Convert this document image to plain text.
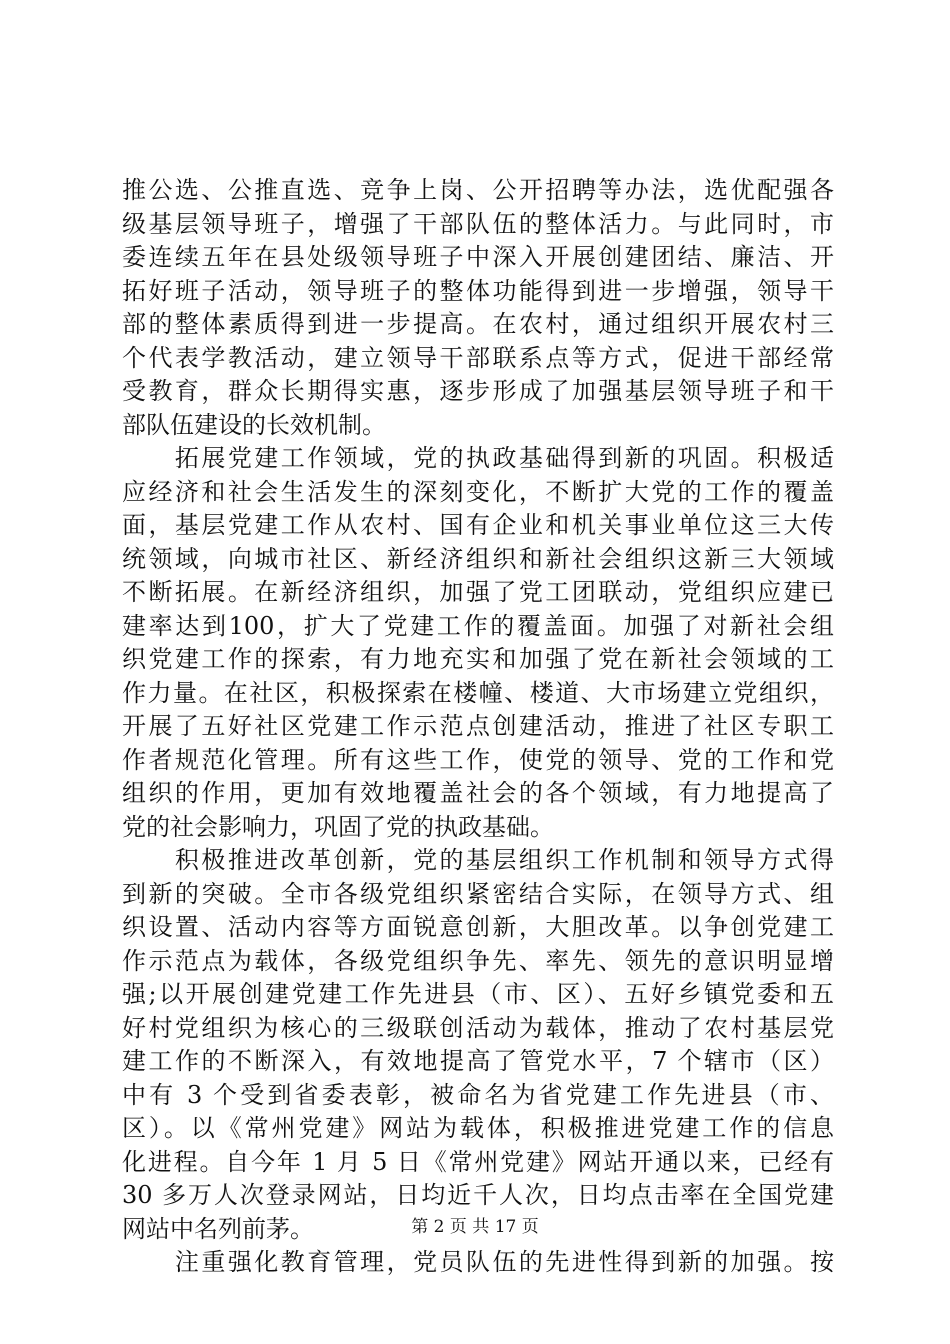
推公选、公推直选、竞争上岗、公开招聘等办法，选优配强各
级基层领导班子，增强了干部队伍的整体活力。与此同时，市
委连续五年在县处级领导班子中深入开展创建团结、廉洁、开
拓好班子活动，领导班子的整体功能得到进一步增强，领导干
部的整体素质得到进一步提高。在农村，通过组织开展农村三
个代表学教活动，建立领导干部联系点等方式，促进干部经常
受教育，群众长期得实惠，逐步形成了加强基层领导班子和干
部队伍建设的长效机制。
　　拓展党建工作领域，党的执政基础得到新的巩固。积极适
应经济和社会生活发生的深刻变化，不断扩大党的工作的覆盖
面，基层党建工作从农村、国有企业和机关事业单位这三大传
统领域，向城市社区、新经济组织和新社会组织这新三大领域
不断拓展。在新经济组织，加强了党工团联动，党组织应建已
建率达到100，扩大了党建工作的覆盖面。加强了对新社会组
织党建工作的探索，有力地充实和加强了党在新社会领域的工
作力量。在社区，积极探索在楼幢、楼道、大市场建立党组织，
开展了五好社区党建工作示范点创建活动，推进了社区专职工
作者规范化管理。所有这些工作，使党的领导、党的工作和党
组织的作用，更加有效地覆盖社会的各个领域，有力地提高了
党的社会影响力，巩固了党的执政基础。
　　积极推进改革创新，党的基层组织工作机制和领导方式得
到新的突破。全市各级党组织紧密结合实际，在领导方式、组
织设置、活动内容等方面锐意创新，大胆改革。以争创党建工
作示范点为载体，各级党组织争先、率先、领先的意识明显增
强;以开展创建党建工作先进县（市、区）、五好乡镇党委和五
好村党组织为核心的三级联创活动为载体，推动了农村基层党
建工作的不断深入，有效地提高了管党水平，7 个辖市（区）
中有 3 个受到省委表彰，被命名为省党建工作先进县（市、
区）。以《常州党建》网站为载体，积极推进党建工作的信息
化进程。自今年 1 月 5 日《常州党建》网站开通以来，已经有
30 多万人次登录网站，日均近千人次，日均点击率在全国党建
网站中名列前茅。
　　注重强化教育管理，党员队伍的先进性得到新的加强。按
第 2 页 共 17 页
